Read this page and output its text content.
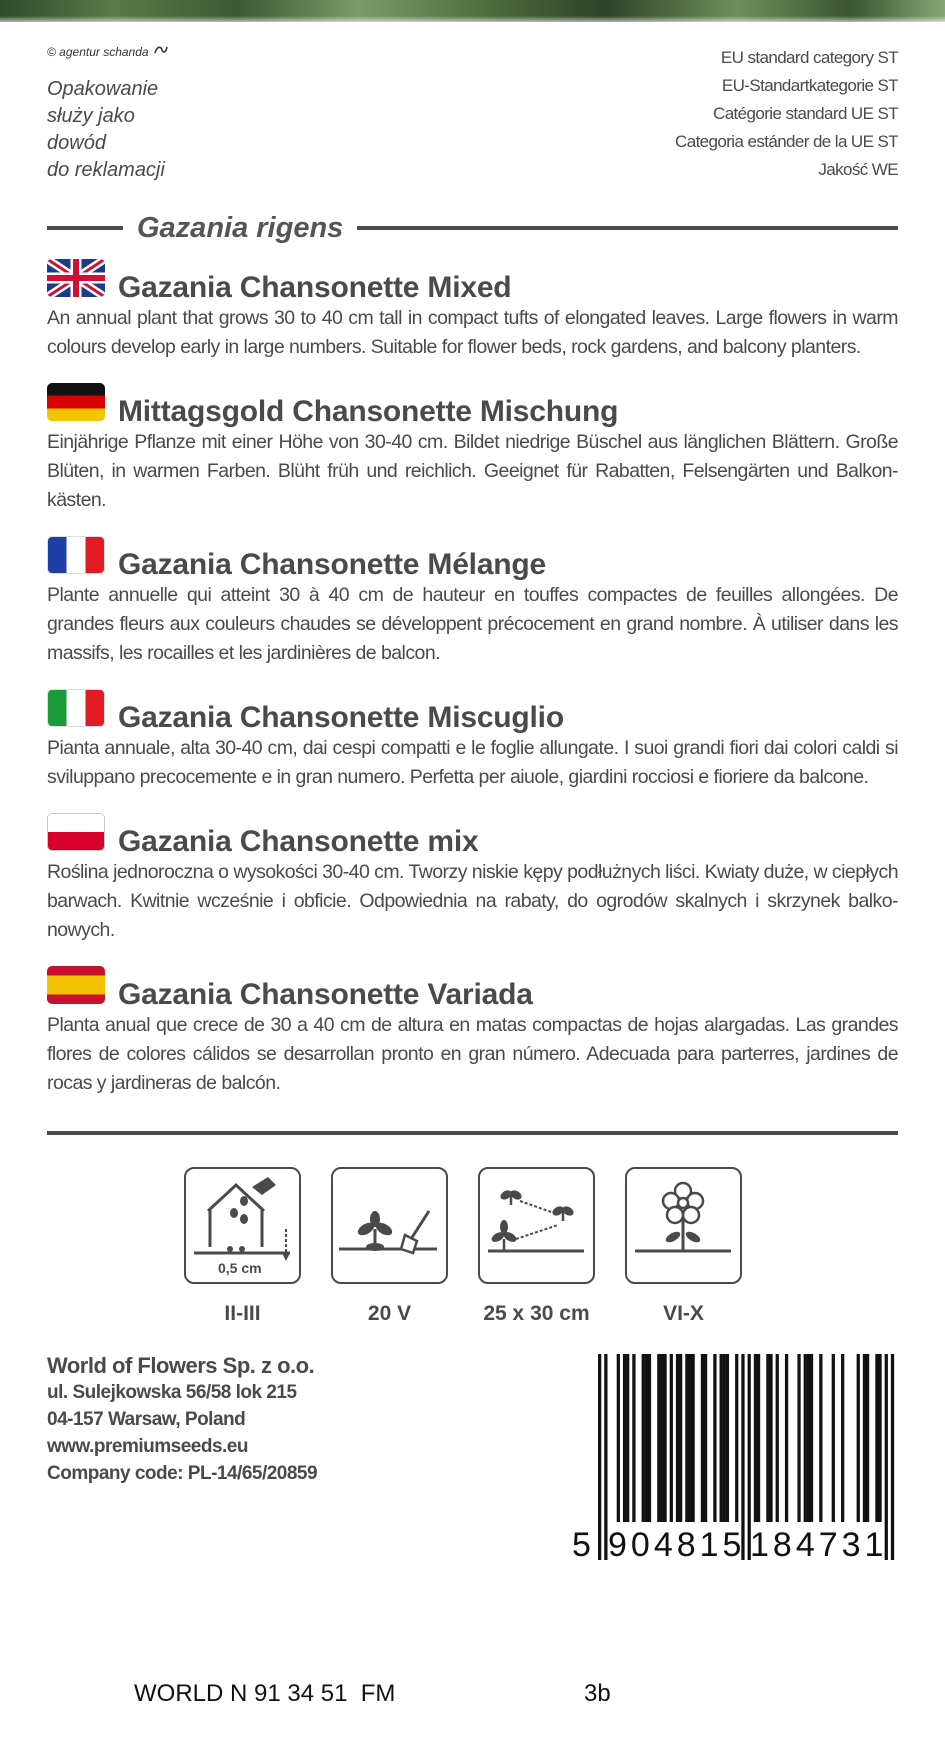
© agentur schanda
Opakowanie
służy jako
dowód
do reklamacji
EU standard category ST
EU-Standartkategorie ST
Catégorie standard UE ST
Categoria estánder de la UE ST
Jakość WE
Gazania rigens
Gazania Chansonette Mixed
An annual plant that grows 30 to 40 cm tall in compact tufts of elongated leaves. Large flowers in warm colours develop early in large numbers. Suitable for flower beds, rock gardens, and balcony planters.
Mittagsgold Chansonette Mischung
Einjährige Pflanze mit einer Höhe von 30-40 cm. Bildet niedrige Büschel aus länglichen Blättern. Große Blüten, in warmen Farben. Blüht früh und reichlich. Geeignet für Rabatten, Felsengärten und Balkon-kästen.
Gazania Chansonette Mélange
Plante annuelle qui atteint 30 à 40 cm de hauteur en touffes compactes de feuilles allongées. De grandes fleurs aux couleurs chaudes se développent précocement en grand nombre. À utiliser dans les massifs, les rocailles et les jardinières de balcon.
Gazania Chansonette Miscuglio
Pianta annuale, alta 30-40 cm, dai cespi compatti e le foglie allungate. I suoi grandi fiori dai colori caldi si sviluppano precocemente e in gran numero. Perfetta per aiuole, giardini rocciosi e fioriere da balcone.
Gazania Chansonette mix
Roślina jednoroczna o wysokości 30-40 cm. Tworzy niskie kępy podłużnych liści. Kwiaty duże, w ciepłych barwach. Kwitnie wcześnie i obficie. Odpowiednia na rabaty, do ogrodów skalnych i skrzynek balko-nowych.
Gazania Chansonette Variada
Planta anual que crece de 30 a 40 cm de altura en matas compactas de hojas alargadas. Las grandes flores de colores cálidos se desarrollan pronto en gran número. Adecuada para parterres, jardines de rocas y jardineras de balcón.
0,5 cm
II-III	20 V	25 x 30 cm	VI-X
World of Flowers Sp. z o.o.
ul. Sulejkowska 56/58 lok 215
04-157 Warsaw, Poland
www.premiumseeds.eu
Company code: PL-14/65/20859
5 904815 184731
WORLD N 91 34 51  FM	3b
